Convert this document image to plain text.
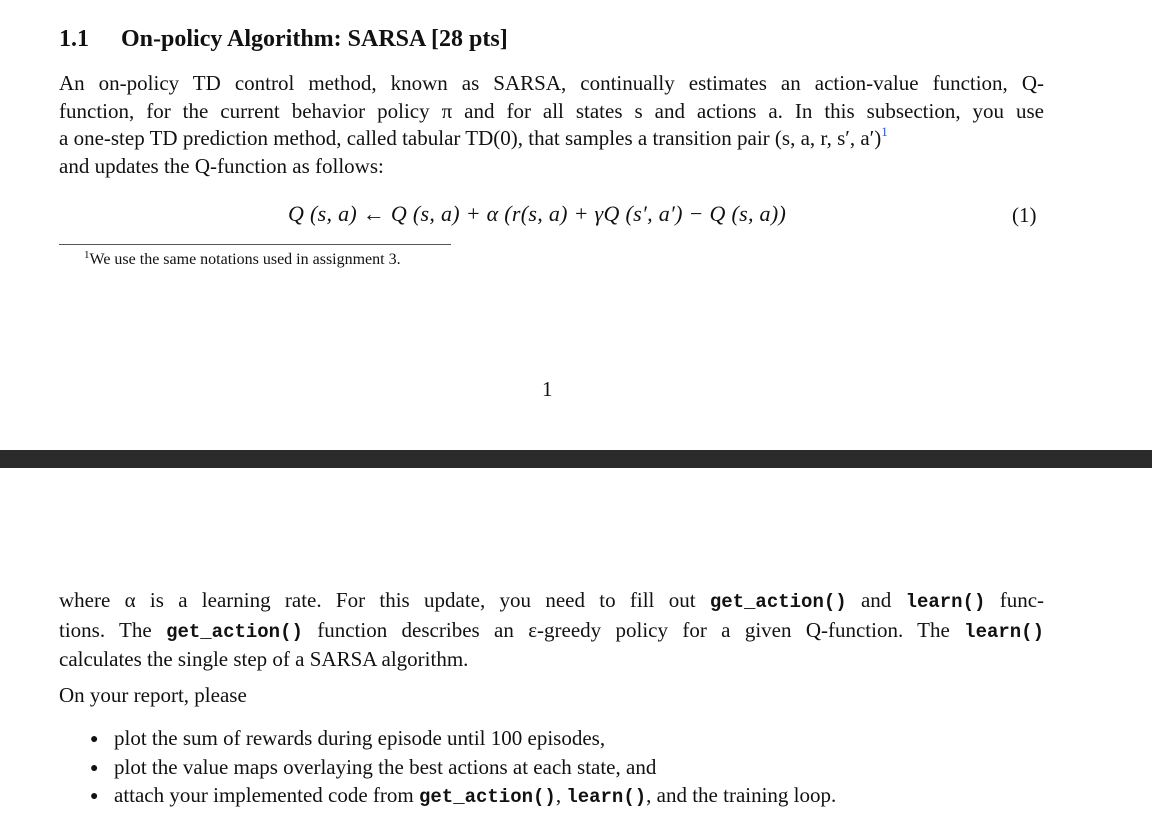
1.1 On-policy Algorithm: SARSA [28 pts]
An on-policy TD control method, known as SARSA, continually estimates an action-value function, Q-
function, for the current behavior policy π and for all states s and actions a. In this subsection, you use
a one-step TD prediction method, called tabular TD(0), that samples a transition pair (s, a, r, s′, a′)$^1$
and updates the Q-function as follows:
Q (s, a) ← Q (s, a) + α (r(s, a) + γQ (s′, a′) − Q (s, a))	(1)
$^1$We use the same notations used in assignment 3.
1
where α is a learning rate. For this update, you need to fill out get_action() and learn() func-
tions. The get_action() function describes an ε-greedy policy for a given Q-function. The learn()
calculates the single step of a SARSA algorithm.
On your report, please
● plot the sum of rewards during episode until 100 episodes,
● plot the value maps overlaying the best actions at each state, and
● attach your implemented code from get_action(), learn(), and the training loop.
